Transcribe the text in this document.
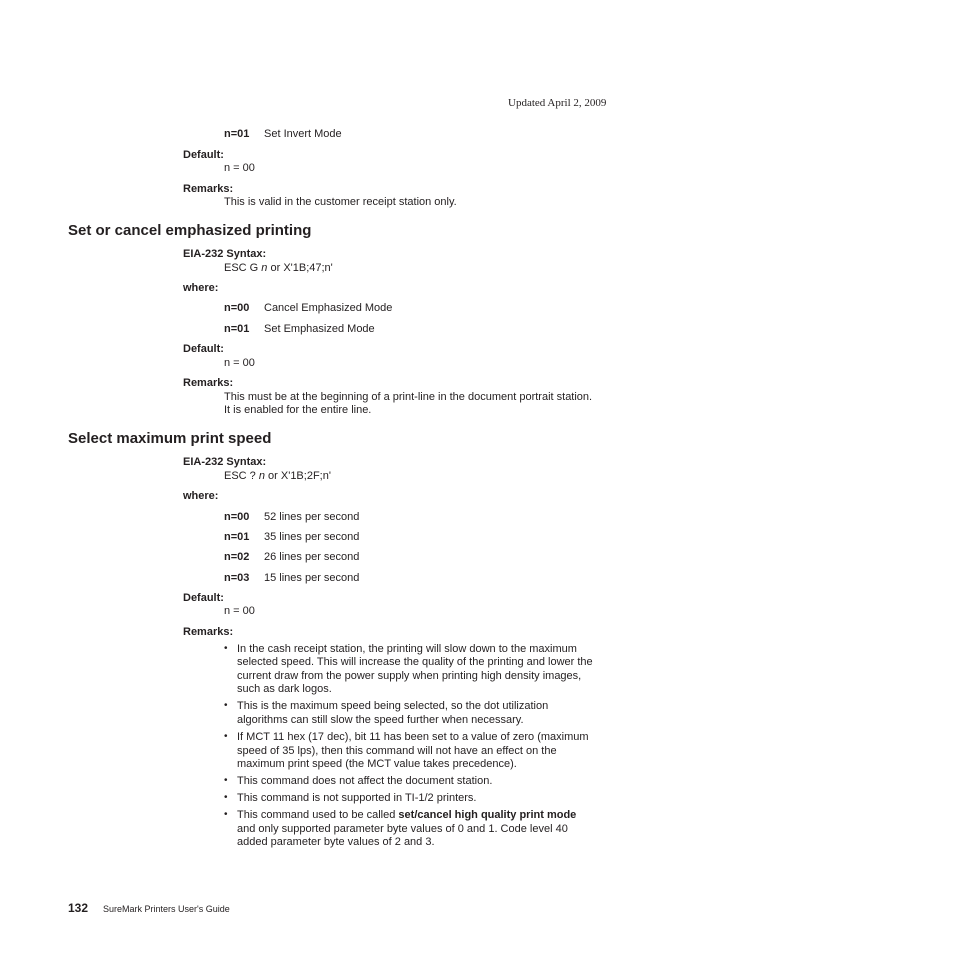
Updated April 2, 2009
n=01 Set Invert Mode
Default:
n = 00
Remarks:
This is valid in the customer receipt station only.
Set or cancel emphasized printing
EIA-232 Syntax:
ESC G n or X'1B;47;n'
where:
n=00 Cancel Emphasized Mode
n=01 Set Emphasized Mode
Default:
n = 00
Remarks:
This must be at the beginning of a print-line in the document portrait station.
It is enabled for the entire line.
Select maximum print speed
EIA-232 Syntax:
ESC ? n or X'1B;2F;n'
where:
n=00 52 lines per second
n=01 35 lines per second
n=02 26 lines per second
n=03 15 lines per second
Default:
n = 00
Remarks:
• In the cash receipt station, the printing will slow down to the maximum
selected speed. This will increase the quality of the printing and lower the
current draw from the power supply when printing high density images,
such as dark logos.
• This is the maximum speed being selected, so the dot utilization
algorithms can still slow the speed further when necessary.
• If MCT 11 hex (17 dec), bit 11 has been set to a value of zero (maximum
speed of 35 lps), then this command will not have an effect on the
maximum print speed (the MCT value takes precedence).
• This command does not affect the document station.
• This command is not supported in TI-1/2 printers.
• This command used to be called set/cancel high quality print mode
and only supported parameter byte values of 0 and 1. Code level 40
added parameter byte values of 2 and 3.
132 SureMark Printers User's Guide
